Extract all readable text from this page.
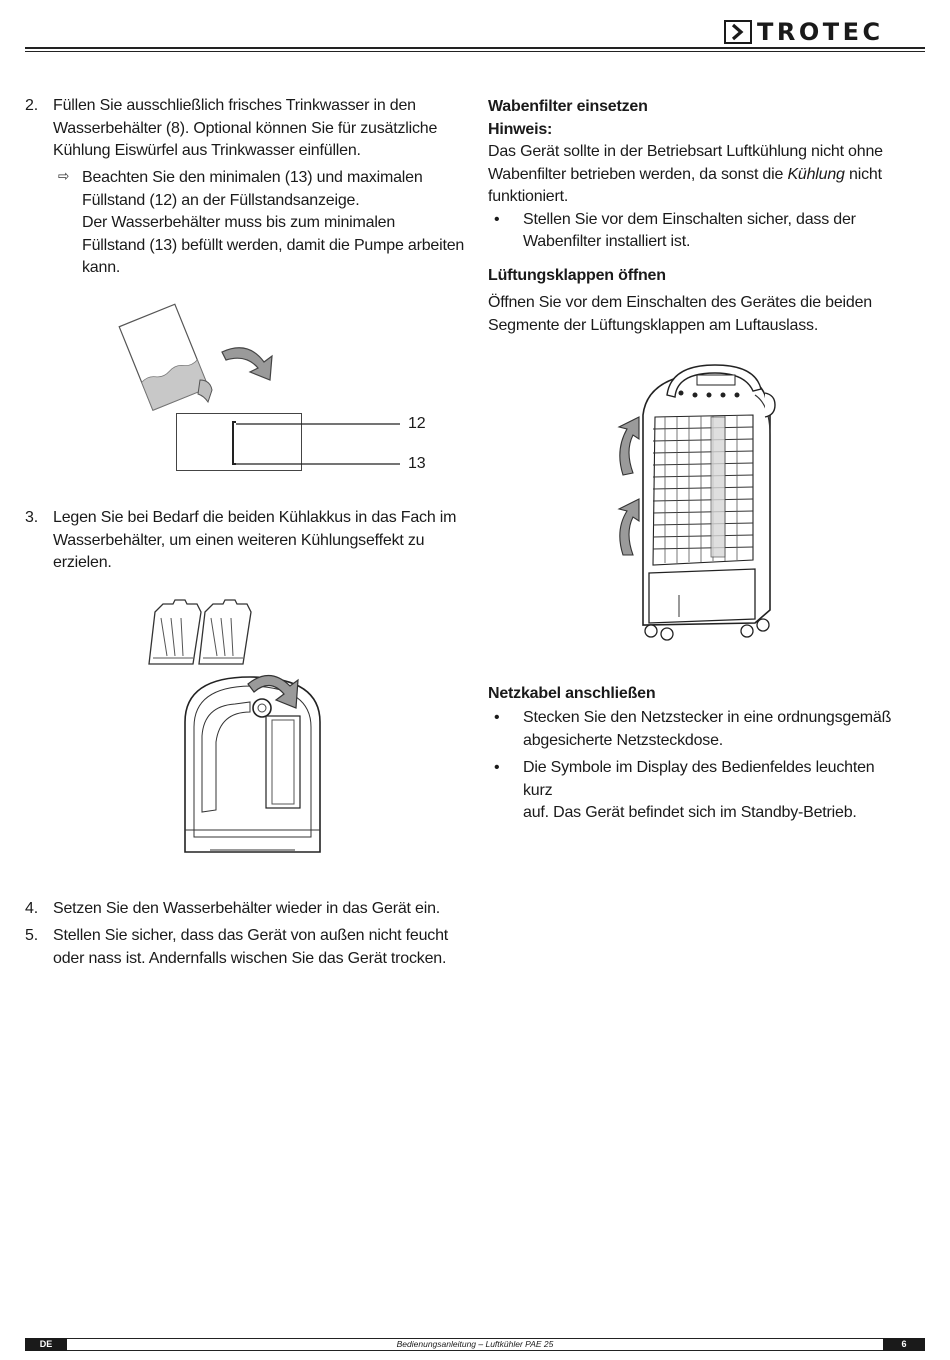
TROTEC
2. Füllen Sie ausschließlich frisches Trinkwasser in den
Wasserbehälter (8). Optional können Sie für zusätzliche
Kühlung Eiswürfel aus Trinkwasser einfüllen.
⇨ Beachten Sie den minimalen (13) und maximalen
Füllstand (12) an der Füllstandsanzeige.
Der Wasserbehälter muss bis zum minimalen
Füllstand (13) befüllt werden, damit die Pumpe arbeiten
kann.
12
13
3. Legen Sie bei Bedarf die beiden Kühlakkus in das Fach im
Wasserbehälter, um einen weiteren Kühlungseffekt zu
erzielen.
4. Setzen Sie den Wasserbehälter wieder in das Gerät ein.
5. Stellen Sie sicher, dass das Gerät von außen nicht feucht
oder nass ist. Andernfalls wischen Sie das Gerät trocken.
Wabenfilter einsetzen
Hinweis:
Das Gerät sollte in der Betriebsart Luftkühlung nicht ohne
Wabenfilter betrieben werden, da sonst die Kühlung nicht
funktioniert.
• Stellen Sie vor dem Einschalten sicher, dass der
Wabenfilter installiert ist.
Lüftungsklappen öffnen
Öffnen Sie vor dem Einschalten des Gerätes die beiden
Segmente der Lüftungsklappen am Luftauslass.
Netzkabel anschließen
• Stecken Sie den Netzstecker in eine ordnungsgemäß
abgesicherte Netzsteckdose.
• Die Symbole im Display des Bedienfeldes leuchten kurz
auf. Das Gerät befindet sich im Standby-Betrieb.
DE	Bedienungsanleitung – Luftkühler PAE 25	6
